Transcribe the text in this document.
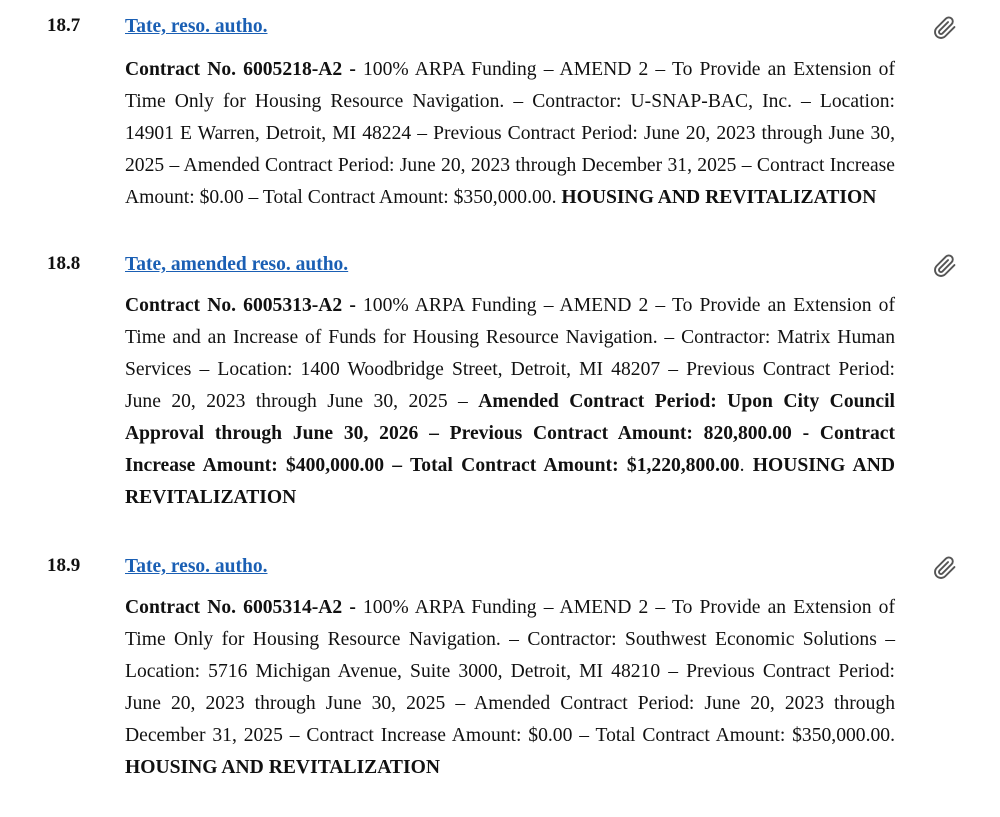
18.7 Tate, reso. autho.
Contract No. 6005218-A2 - 100% ARPA Funding – AMEND 2 – To Provide an Extension of Time Only for Housing Resource Navigation. – Contractor: U-SNAP-BAC, Inc. – Location: 14901 E Warren, Detroit, MI 48224 – Previous Contract Period: June 20, 2023 through June 30, 2025 – Amended Contract Period: June 20, 2023 through December 31, 2025 – Contract Increase Amount: $0.00 – Total Contract Amount: $350,000.00. HOUSING AND REVITALIZATION
18.8 Tate, amended reso. autho.
Contract No. 6005313-A2 - 100% ARPA Funding – AMEND 2 – To Provide an Extension of Time and an Increase of Funds for Housing Resource Navigation. – Contractor: Matrix Human Services – Location: 1400 Woodbridge Street, Detroit, MI 48207 – Previous Contract Period: June 20, 2023 through June 30, 2025 – Amended Contract Period: Upon City Council Approval through June 30, 2026 – Previous Contract Amount: 820,800.00 - Contract Increase Amount: $400,000.00 – Total Contract Amount: $1,220,800.00. HOUSING AND REVITALIZATION
18.9 Tate, reso. autho.
Contract No. 6005314-A2 - 100% ARPA Funding – AMEND 2 – To Provide an Extension of Time Only for Housing Resource Navigation. – Contractor: Southwest Economic Solutions – Location: 5716 Michigan Avenue, Suite 3000, Detroit, MI 48210 – Previous Contract Period: June 20, 2023 through June 30, 2025 – Amended Contract Period: June 20, 2023 through December 31, 2025 – Contract Increase Amount: $0.00 – Total Contract Amount: $350,000.00. HOUSING AND REVITALIZATION
